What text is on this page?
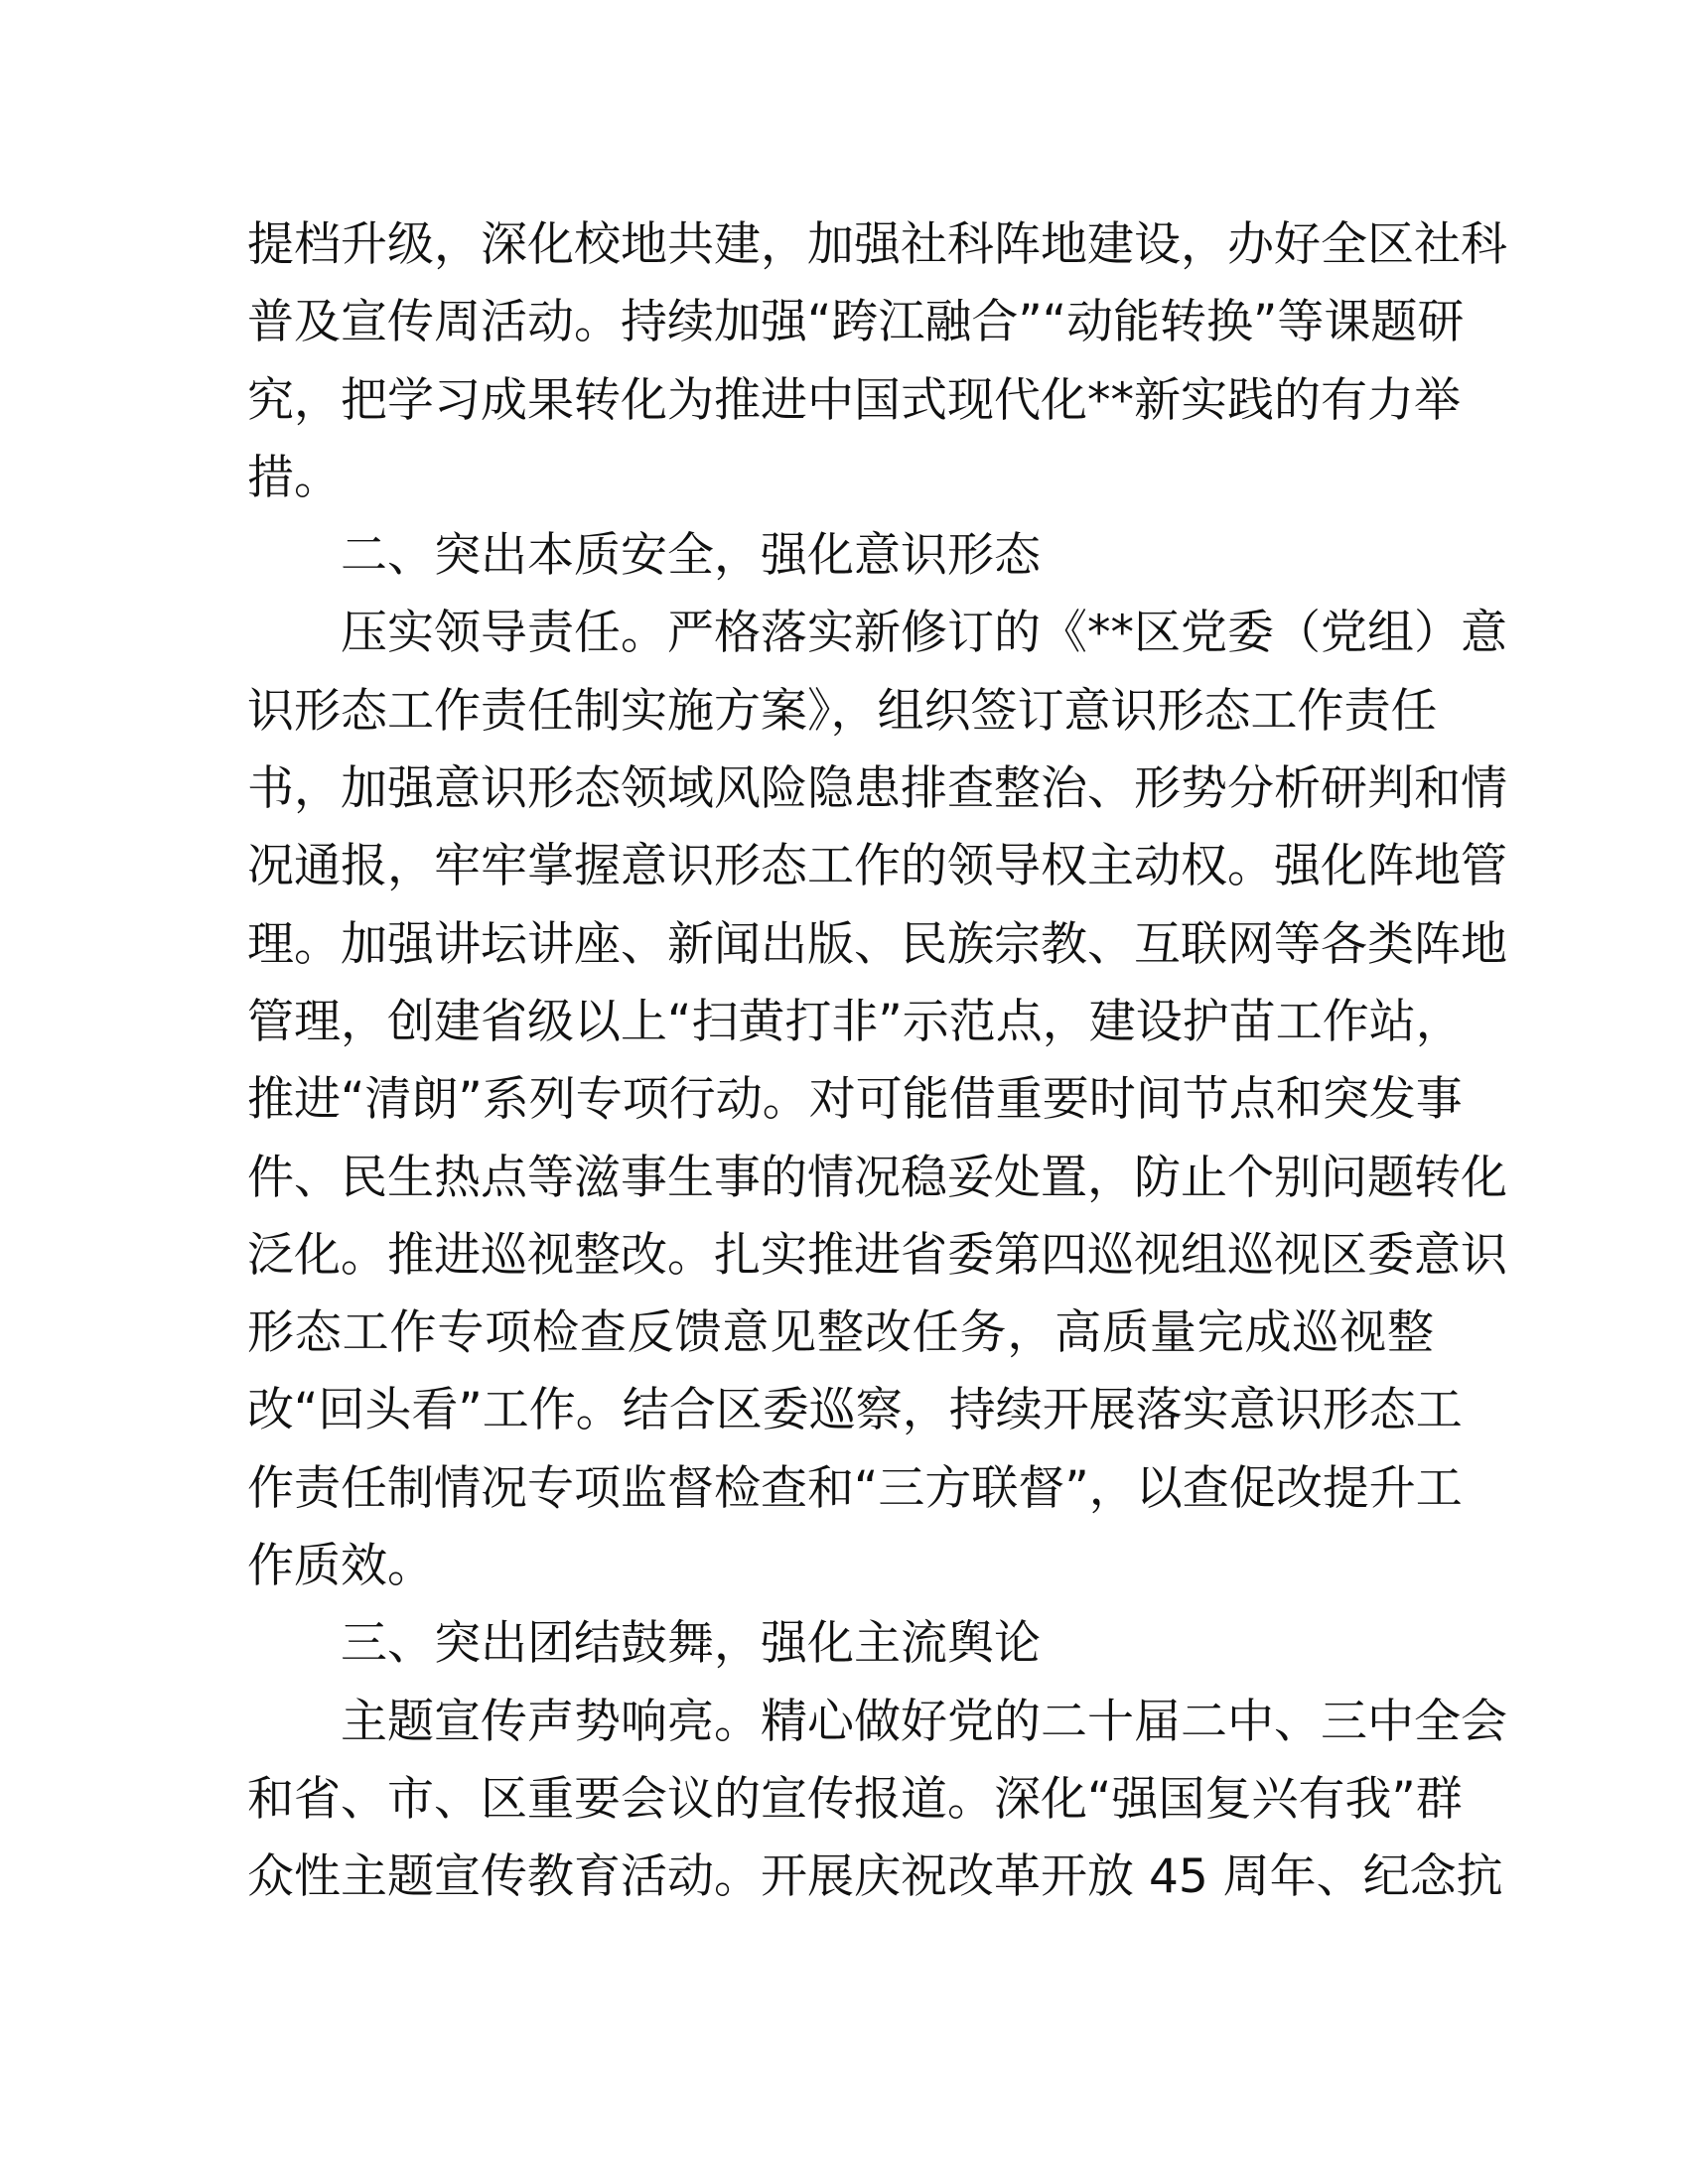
提档升级，深化校地共建，加强社科阵地建设，办好全区社科
普及宣传周活动。持续加强“跨江融合”“动能转换”等课题研
究，把学习成果转化为推进中国式现代化**新实践的有力举
措。

二、突出本质安全，强化意识形态

压实领导责任。严格落实新修订的《**区党委（党组）意
识形态工作责任制实施方案》，组织签订意识形态工作责任
书，加强意识形态领域风险隐患排查整治、形势分析研判和情
况通报，牢牢掌握意识形态工作的领导权主动权。强化阵地管
理。加强讲坛讲座、新闻出版、民族宗教、互联网等各类阵地
管理，创建省级以上“扫黄打非”示范点，建设护苗工作站，
推进“清朗”系列专项行动。对可能借重要时间节点和突发事
件、民生热点等滋事生事的情况稳妥处置，防止个别问题转化
泛化。推进巡视整改。扎实推进省委第四巡视组巡视区委意识
形态工作专项检查反馈意见整改任务，高质量完成巡视整
改“回头看”工作。结合区委巡察，持续开展落实意识形态工
作责任制情况专项监督检查和“三方联督”，以查促改提升工
作质效。

三、突出团结鼓舞，强化主流舆论

主题宣传声势响亮。精心做好党的二十届二中、三中全会
和省、市、区重要会议的宣传报道。深化“强国复兴有我”群
众性主题宣传教育活动。开展庆祝改革开放 45 周年、纪念抗
